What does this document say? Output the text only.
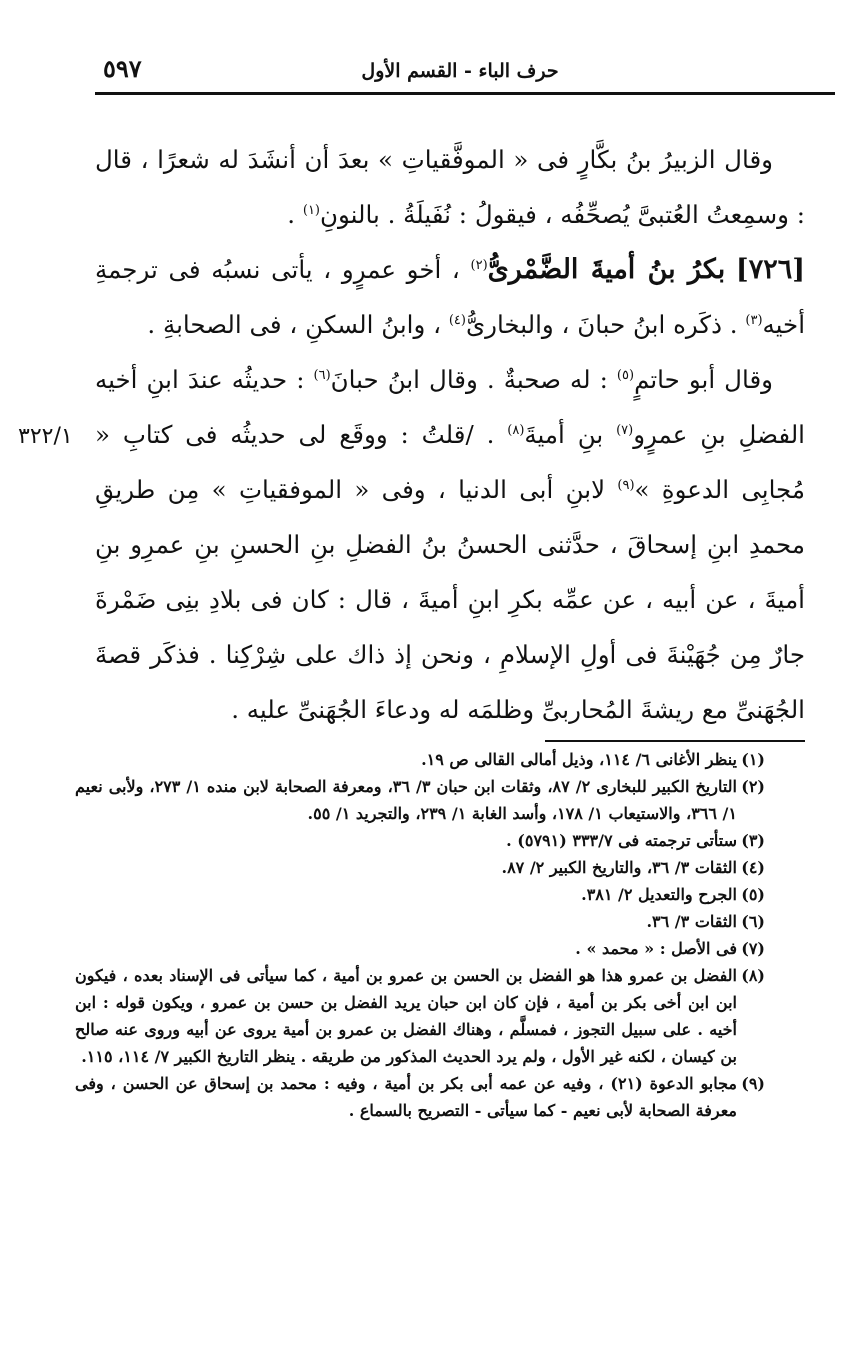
٥٩٧	حرف الباء - القسم الأول
٣٢٢/١

وقال الزبيرُ بنُ بكَّارٍ فى « الموفَّقياتِ » بعدَ أن أنشَدَ له شعرًا ، قال : وسمِعتُ العُتبىَّ يُصحِّفُه ، فيقولُ : نُفَيلَةُ . بالنونِ$^{(١)}$ .

[٧٢٦] بكرُ بنُ أميةَ الضَّمْرىُّ$^{(٢)}$ ، أخو عمرٍو ، يأتى نسبُه فى ترجمةِ أخيه$^{(٣)}$ . ذكَره ابنُ حبانَ ، والبخارىُّ$^{(٤)}$ ، وابنُ السكنِ ، فى الصحابةِ .

وقال أبو حاتمٍ$^{(٥)}$ : له صحبةٌ . وقال ابنُ حبانَ$^{(٦)}$ : حديثُه عندَ ابنِ أخيه الفضلِ بنِ عمرٍو$^{(٧)}$ بنِ أميةَ$^{(٨)}$ . /قلتُ : ووقَع لى حديثُه فى كتابِ « مُجابِى الدعوةِ »$^{(٩)}$ لابنِ أبى الدنيا ، وفى « الموفقياتِ » مِن طريقِ محمدِ ابنِ إسحاقَ ، حدَّثنى الحسنُ بنُ الفضلِ بنِ الحسنِ بنِ عمرِو بنِ أميةَ ، عن أبيه ، عن عمِّه بكرِ ابنِ أميةَ ، قال : كان فى بلادِ بنِى ضَمْرةَ جارٌ مِن جُهَيْنةَ فى أولِ الإسلامِ ، ونحن إذ ذاك على شِرْكِنا . فذكَر قصةَ الجُهَنىِّ مع ريشةَ المُحاربىِّ وظلمَه له ودعاءَ الجُهَنىِّ عليه .

(١)
ينظر الأغانى ٦/ ١١٤، وذيل أمالى القالى ص ١٩.

(٢)
التاريخ الكبير للبخارى ٢/ ٨٧، وثقات ابن حبان ٣/ ٣٦، ومعرفة الصحابة لابن منده ١/ ٢٧٣، ولأبى نعيم ١/ ٣٦٦، والاستيعاب ١/ ١٧٨، وأسد الغابة ١/ ٢٣٩، والتجريد ١/ ٥٥.

(٣)
ستأتى ترجمته فى ٣٣٣/٧ (٥٧٩١) .

(٤)
الثقات ٣/ ٣٦، والتاريخ الكبير ٢/ ٨٧.

(٥)
الجرح والتعديل ٢/ ٣٨١.

(٦)
الثقات ٣/ ٣٦.

(٧)
فى الأصل : « محمد » .

(٨)
الفضل بن عمرو هذا هو الفضل بن الحسن بن عمرو بن أمية ، كما سيأتى فى الإسناد بعده ، فيكون ابن ابن أخى بكر بن أمية ، فإن كان ابن حبان يريد الفضل بن حسن بن عمرو ، ويكون قوله : ابن أخيه . على سبيل التجوز ، فمسلَّم ، وهناك الفضل بن عمرو بن أمية يروى عن أبيه وروى عنه صالح بن كيسان ، لكنه غير الأول ، ولم يرد الحديث المذكور من طريقه . ينظر التاريخ الكبير ٧/ ١١٤، ١١٥.

(٩)
مجابو الدعوة (٢١) ، وفيه عن عمه أبى بكر بن أمية ، وفيه : محمد بن إسحاق عن الحسن ، وفى معرفة الصحابة لأبى نعيم - كما سيأتى - التصريح بالسماع .
